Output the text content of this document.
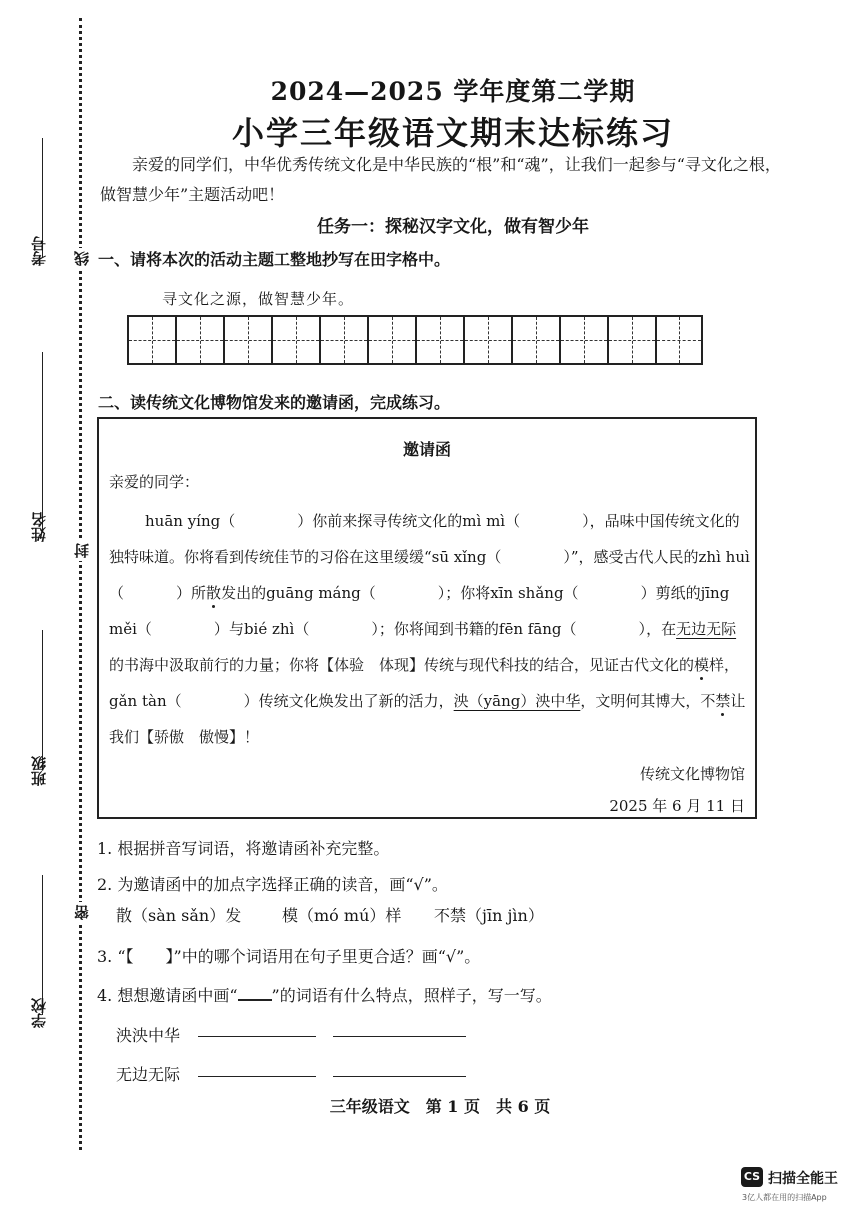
考号
姓名
班级
学校
线
封
密
2024—2025 学年度第二学期
小学三年级语文期末达标练习
亲爱的同学们，中华优秀传统文化是中华民族的“根”和“魂”，让我们一起参与“寻文化之根，做智慧少年”主题活动吧！
任务一：探秘汉字文化，做有智少年
一、请将本次的活动主题工整地抄写在田字格中。
寻文化之源，做智慧少年。
二、读传统文化博物馆发来的邀请函，完成练习。
邀请函
亲爱的同学：
huān yíng（	）你前来探寻传统文化的mì mì（	），品味中国传统文化的独特味道。你将看到传统佳节的习俗在这里缓缓“sū xǐng（	）”，感受古代人民的zhì huì（	）所散发出的guāng máng（	）；你将xīn shǎng（	）剪纸的jīng měi（	）与bié zhì（	）；你将闻到书籍的fēn fāng（	），在无边无际的书海中汲取前行的力量；你将【体验　体现】传统与现代科技的结合，见证古代文化的模样，gǎn tàn（	）传统文化焕发出了新的活力，泱（yāng）泱中华，文明何其博大，不禁让我们【骄傲　傲慢】！
传统文化博物馆
2025 年 6 月 11 日
1. 根据拼音写词语，将邀请函补充完整。
2. 为邀请函中的加点字选择正确的读音，画“√”。
散（sàn sǎn）发	模（mó mú）样 不禁（jīn jìn）
3. “【　　】”中的哪个词语用在句子里更合适？画“√”。
4. 想想邀请函中画“ ”的词语有什么特点，照样子，写一写。
泱泱中华
无边无际
三年级语文　第 1 页　共 6 页
CS 扫描全能王
3亿人都在用的扫描App
